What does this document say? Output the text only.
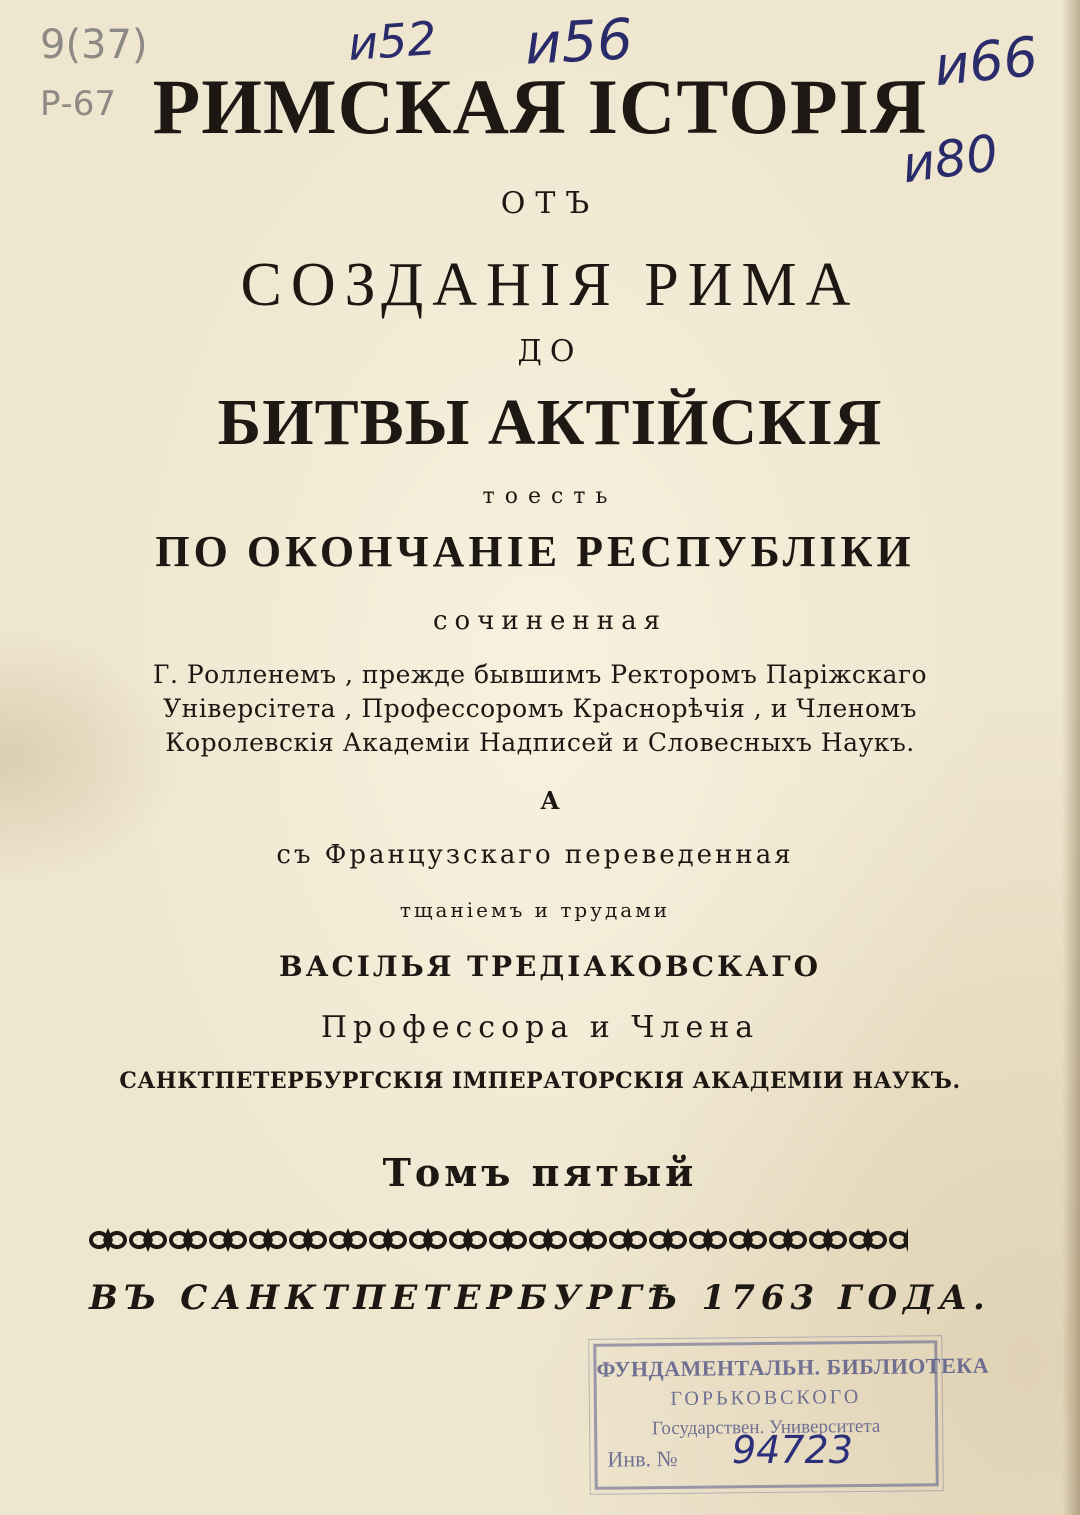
9(37)
Р-67
и52 и56	и66
и80
РИМСКАЯ ІСТОРІЯ
ОТЪ
СОЗДАНІЯ РИМА
ДО
БИТВЫ АКТІЙСКІЯ
тоесть
ПО ОКОНЧАНІЕ РЕСПУБЛІКИ
сочиненная
Г. Ролленемъ , прежде бывшимъ Ректоромъ Паріжскаго
Універсітета , Профессоромъ Краснорѣчія , и Членомъ
Королевскія Академіи Надписей и Словесныхъ Наукъ.
А
съ Французскаго переведенная
тщаніемъ и трудами
ВАСІЛЬЯ ТРЕДІАКОВСКАГО
Профессора и Члена
САНКТПЕТЕРБУРГСКІЯ ІМПЕРАТОРСКІЯ АКАДЕМІИ НАУКЪ.
Томъ пятый
ВЪ САНКТПЕТЕРБУРГѢ 1763 ГОДА.
ФУНДАМЕНТАЛЬН. БИБЛИОТЕКА
ГОРЬКОВСКОГО
Государствен. Университета
Инв. №	94723
